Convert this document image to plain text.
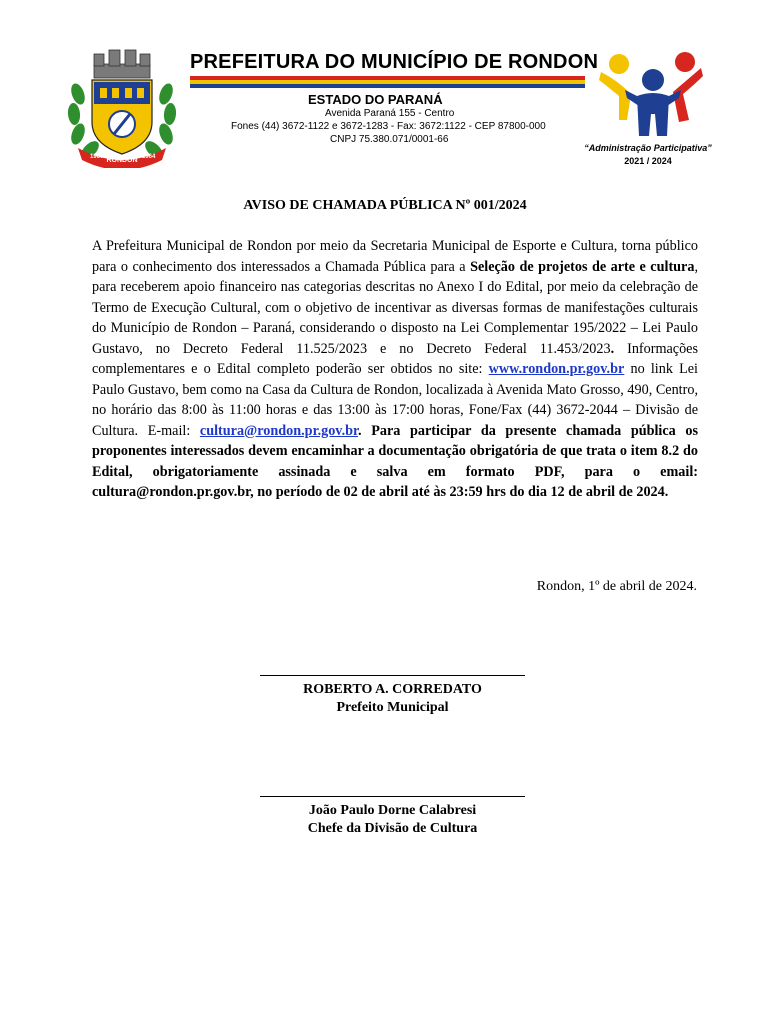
RONDON
1960	1964
PREFEITURA DO MUNICÍPIO DE RONDON
ESTADO DO PARANÁ
Avenida Paraná 155 - Centro
Fones (44) 3672-1122 e 3672-1283 - Fax: 3672:1122 - CEP 87800-000
CNPJ 75.380.071/0001-66
“Administração Participativa”
2021 / 2024
AVISO DE CHAMADA PÚBLICA Nº 001/2024
A Prefeitura Municipal de Rondon por meio da Secretaria Municipal de Esporte e Cultura, torna público para o conhecimento dos interessados a Chamada Pública para a Seleção de projetos de arte e cultura, para receberem apoio financeiro nas categorias descritas no Anexo I do Edital, por meio da celebração de Termo de Execução Cultural, com o objetivo de incentivar as diversas formas de manifestações culturais do Município de Rondon – Paraná, considerando o disposto na Lei Complementar 195/2022 – Lei Paulo Gustavo, no Decreto Federal 11.525/2023 e no Decreto Federal 11.453/2023. Informações complementares e o Edital completo poderão ser obtidos no site: www.rondon.pr.gov.br no link Lei Paulo Gustavo, bem como na Casa da Cultura de Rondon, localizada à Avenida Mato Grosso, 490, Centro, no horário das 8:00 às 11:00 horas e das 13:00 às 17:00 horas, Fone/Fax (44) 3672-2044 – Divisão de Cultura. E-mail: cultura@rondon.pr.gov.br. Para participar da presente chamada pública os proponentes interessados devem encaminhar a documentação obrigatória de que trata o item 8.2 do Edital, obrigatoriamente assinada e salva em formato PDF, para o email: cultura@rondon.pr.gov.br, no período de 02 de abril até às 23:59 hrs do dia 12 de abril de 2024.
Rondon, 1º de abril de 2024.
ROBERTO A. CORREDATO
Prefeito Municipal
João Paulo Dorne Calabresi
Chefe da Divisão de Cultura
